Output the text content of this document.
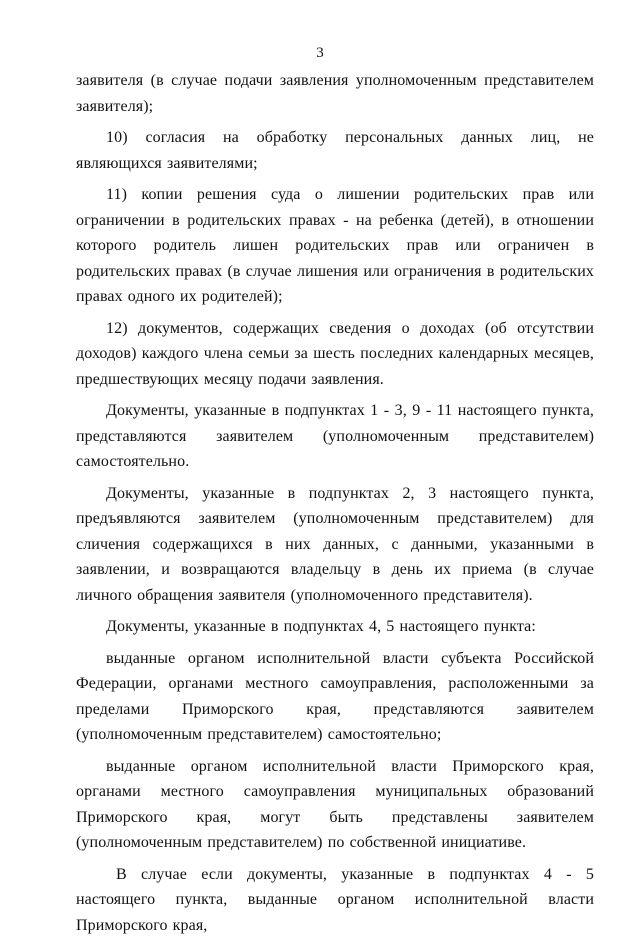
3

заявителя (в случае подачи заявления уполномоченным представителем заявителя);

10) согласия на обработку персональных данных лиц, не являющихся заявителями;

11) копии решения суда о лишении родительских прав или ограничении в родительских правах - на ребенка (детей), в отношении которого родитель лишен родительских прав или ограничен в родительских правах (в случае лишения или ограничения в родительских правах одного их родителей);

12) документов, содержащих сведения о доходах (об отсутствии доходов) каждого члена семьи за шесть последних календарных месяцев, предшествующих месяцу подачи заявления.

Документы, указанные в подпунктах 1 - 3, 9 - 11 настоящего пункта, представляются заявителем (уполномоченным представителем) самостоятельно.

Документы, указанные в подпунктах 2, 3 настоящего пункта, предъявляются заявителем (уполномоченным представителем) для сличения содержащихся в них данных, с данными, указанными в заявлении, и возвращаются владельцу в день их приема (в случае личного обращения заявителя (уполномоченного представителя).

Документы, указанные в подпунктах 4, 5 настоящего пункта:

выданные органом исполнительной власти субъекта Российской Федерации, органами местного самоуправления, расположенными за пределами Приморского края, представляются заявителем (уполномоченным представителем) самостоятельно;

выданные органом исполнительной власти Приморского края, органами местного самоуправления муниципальных образований Приморского края, могут быть представлены заявителем (уполномоченным представителем) по собственной инициативе.

В случае если документы, указанные в подпунктах 4 - 5 настоящего пункта, выданные органом исполнительной власти Приморского края,
